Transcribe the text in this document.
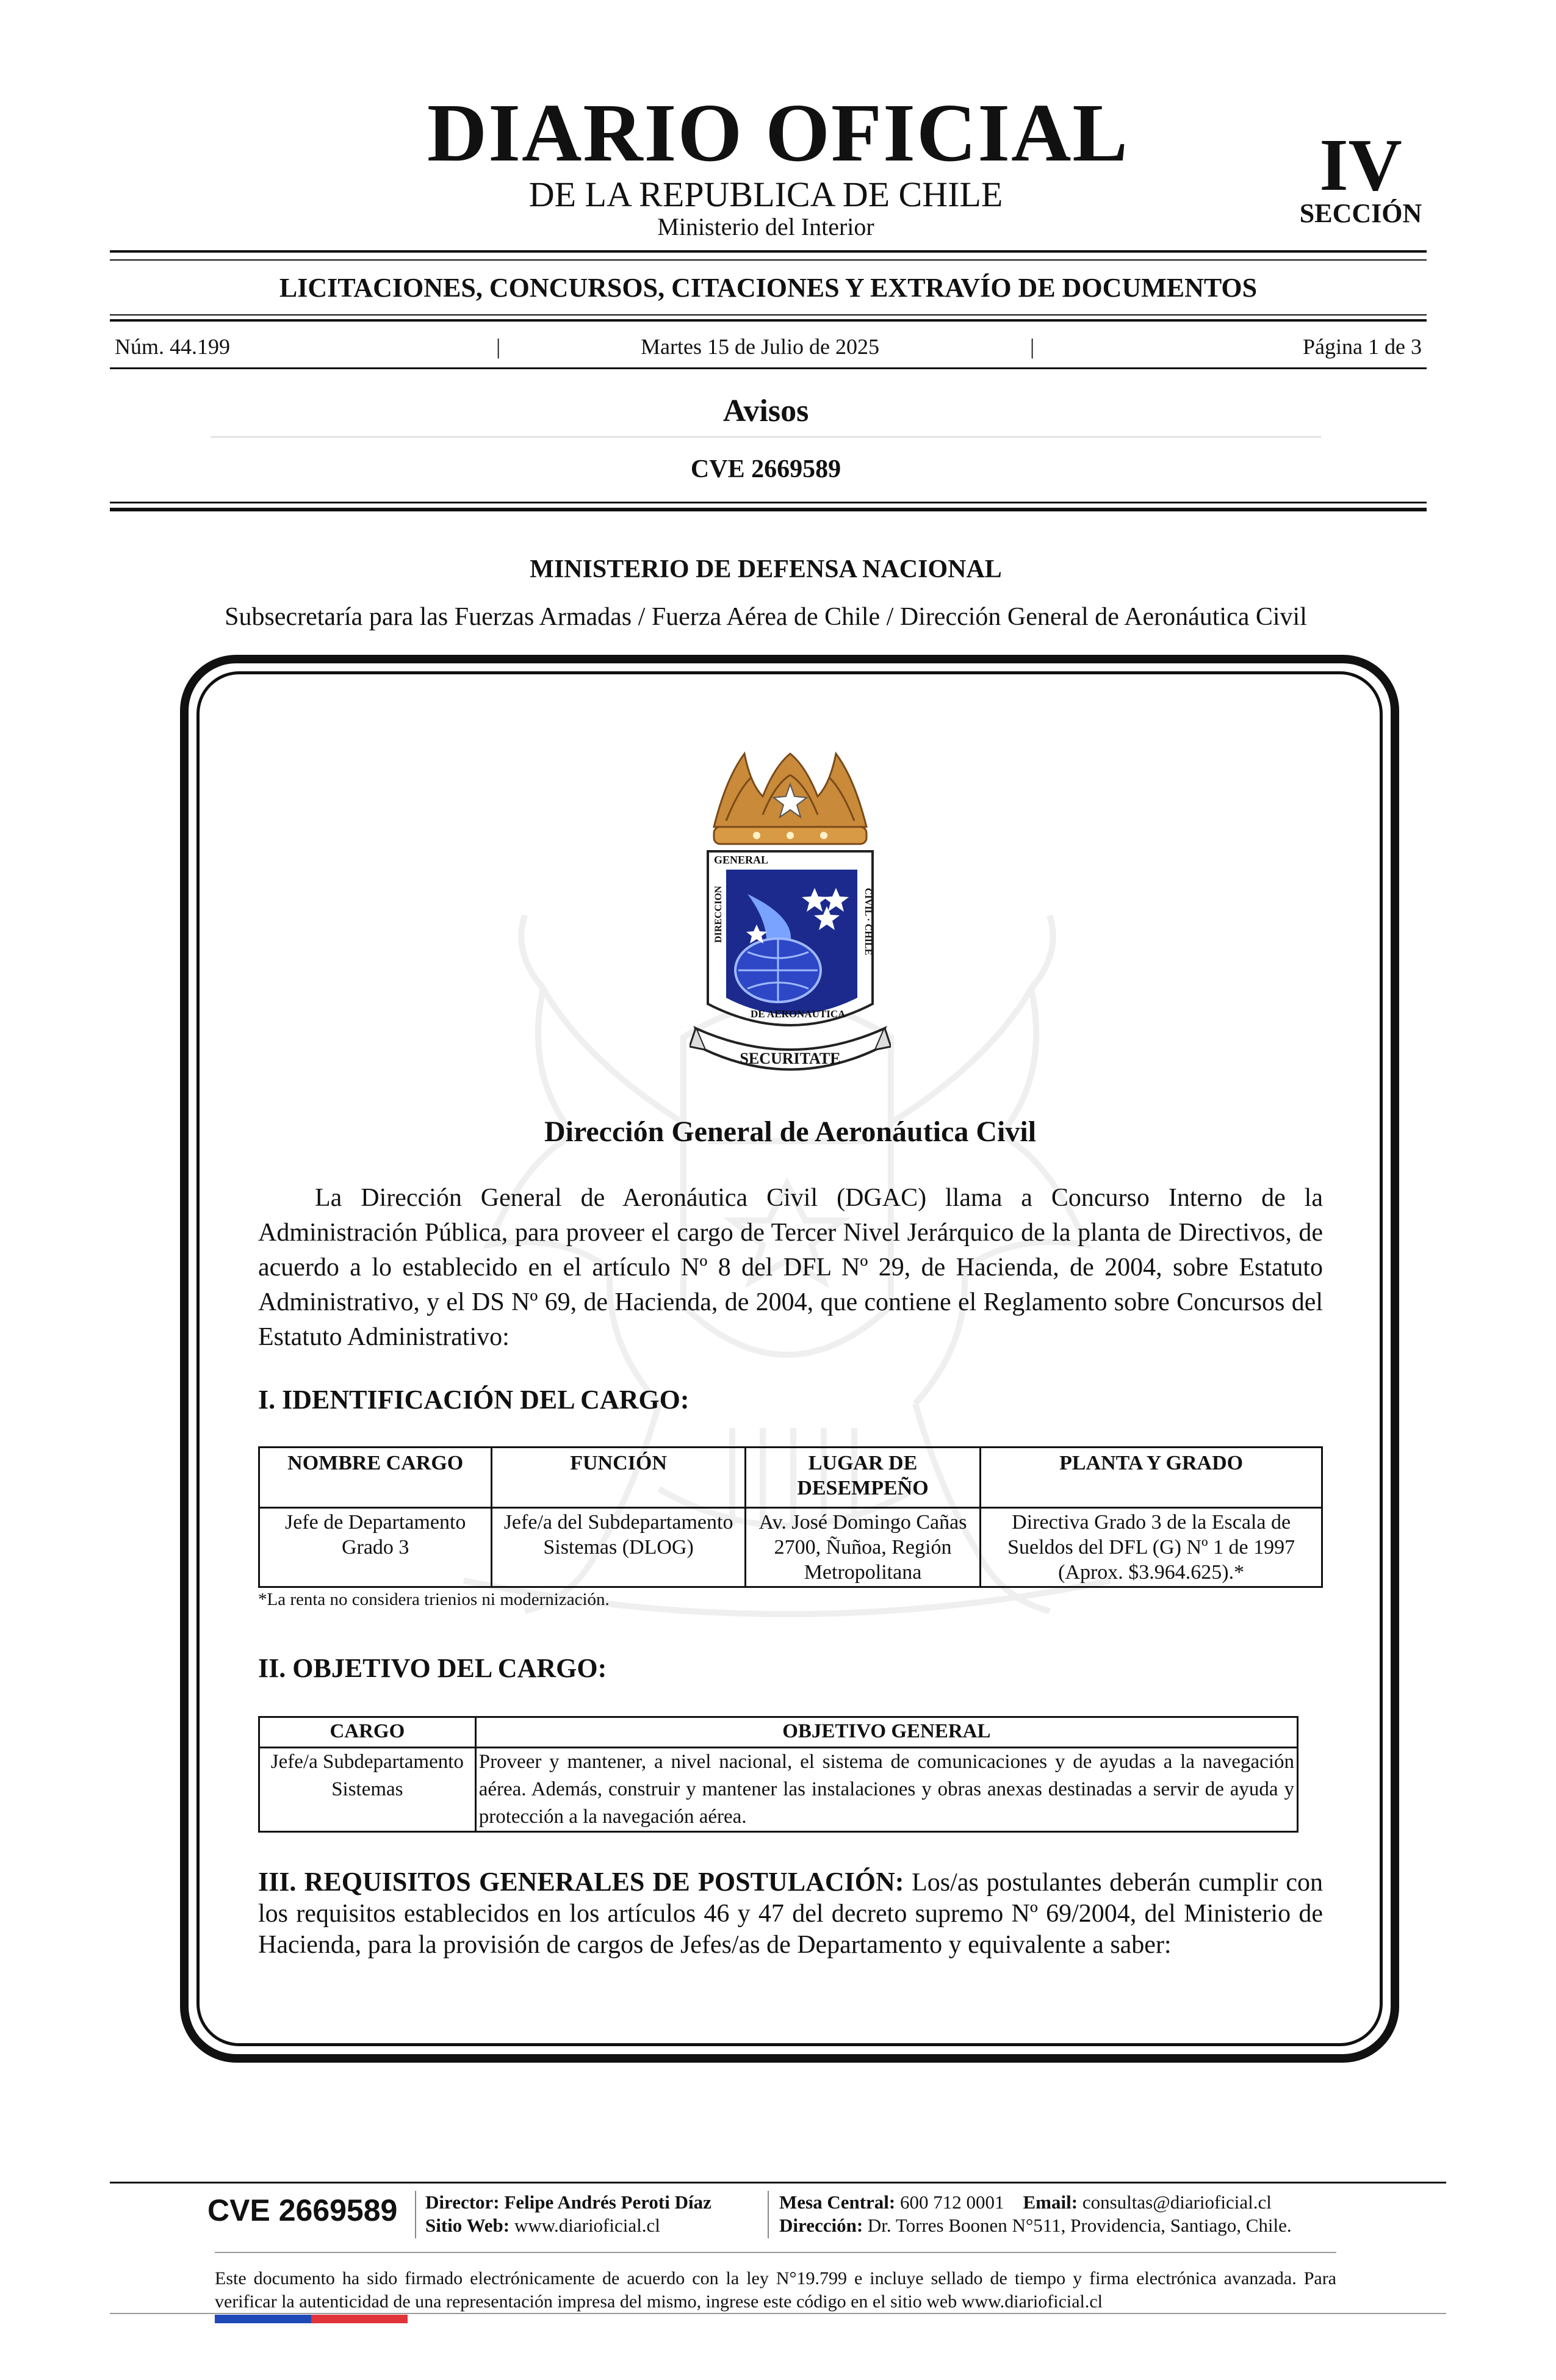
DIARIO OFICIAL
DE LA REPUBLICA DE CHILE
Ministerio del Interior
IV
SECCIÓN
LICITACIONES, CONCURSOS, CITACIONES Y EXTRAVÍO DE DOCUMENTOS
Núm. 44.199	|	Martes 15 de Julio de 2025	|	Página 1 de 3
Avisos
CVE 2669589
MINISTERIO DE DEFENSA NACIONAL
Subsecretaría para las Fuerzas Armadas / Fuerza Aérea de Chile / Dirección General de Aeronáutica Civil
GENERAL
DIRECCION	CIVIL · CHILE
DE AERONAUTICA
SECURITATE
Dirección General de Aeronáutica Civil
La Dirección General de Aeronáutica Civil (DGAC) llama a Concurso Interno de la Administración Pública, para proveer el cargo de Tercer Nivel Jerárquico de la planta de Directivos, de acuerdo a lo establecido en el artículo Nº 8 del DFL Nº 29, de Hacienda, de 2004, sobre Estatuto Administrativo, y el DS Nº 69, de Hacienda, de 2004, que contiene el Reglamento sobre Concursos del Estatuto Administrativo:
I. IDENTIFICACIÓN DEL CARGO:
NOMBRE CARGO	FUNCIÓN	LUGAR DE DESEMPEÑO	PLANTA Y GRADO
Jefe de Departamento Grado 3	Jefe/a del Subdepartamento Sistemas (DLOG)	Av. José Domingo Cañas 2700, Ñuñoa, Región Metropolitana	Directiva Grado 3 de la Escala de Sueldos del DFL (G) Nº 1 de 1997 (Aprox. $3.964.625).*
*La renta no considera trienios ni modernización.
II. OBJETIVO DEL CARGO:
CARGO	OBJETIVO GENERAL
Jefe/a Subdepartamento Sistemas	Proveer y mantener, a nivel nacional, el sistema de comunicaciones y de ayudas a la navegación aérea. Además, construir y mantener las instalaciones y obras anexas destinadas a servir de ayuda y protección a la navegación aérea.
III. REQUISITOS GENERALES DE POSTULACIÓN: Los/as postulantes deberán cumplir con los requisitos establecidos en los artículos 46 y 47 del decreto supremo Nº 69/2004, del Ministerio de Hacienda, para la provisión de cargos de Jefes/as de Departamento y equivalente a saber:
CVE 2669589 Director: Felipe Andrés Peroti Díaz
Sitio Web: www.diarioficial.cl
Mesa Central: 600 712 0001 Email: consultas@diarioficial.cl
Dirección: Dr. Torres Boonen N°511, Providencia, Santiago, Chile.
Este documento ha sido firmado electrónicamente de acuerdo con la ley N°19.799 e incluye sellado de tiempo y firma electrónica avanzada. Para verificar la autenticidad de una representación impresa del mismo, ingrese este código en el sitio web www.diarioficial.cl
